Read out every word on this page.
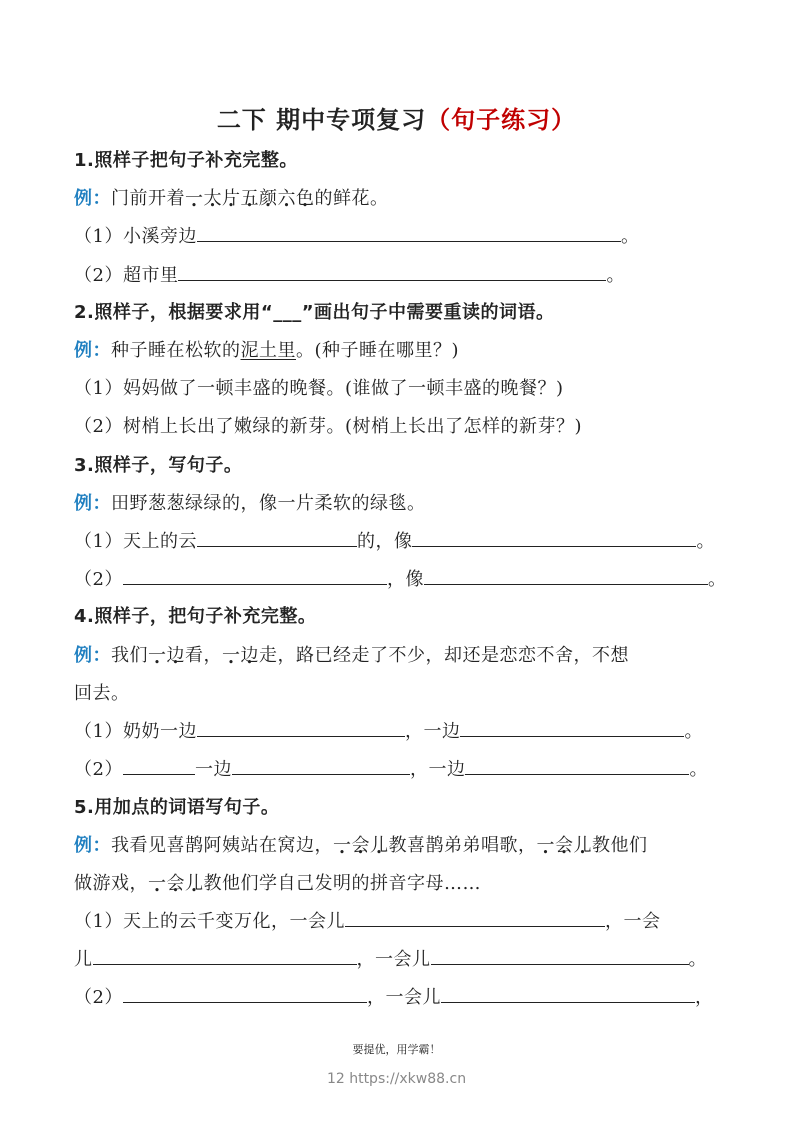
二下 期中专项复习（句子练习）
1.照样子把句子补充完整。
例：门前开着一大片五颜六色的鲜花。
（1）小溪旁边	。
（2）超市里	。
2.照样子，根据要求用“___”画出句子中需要重读的词语。
例：种子睡在松软的泥土里。(种子睡在哪里？)
（1）妈妈做了一顿丰盛的晚餐。(谁做了一顿丰盛的晚餐？)
（2）树梢上长出了嫩绿的新芽。(树梢上长出了怎样的新芽？)
3.照样子，写句子。
例：田野葱葱绿绿的，像一片柔软的绿毯。
（1）天上的云	的，像	。
（2）	，像	。
4.照样子，把句子补充完整。
例：我们一边看，一边走，路已经走了不少，却还是恋恋不舍，不想
回去。
（1）奶奶一边	，一边	。
（2）	一边	，一边	。
5.用加点的词语写句子。
例：我看见喜鹊阿姨站在窝边，一会儿教喜鹊弟弟唱歌，一会儿教他们
做游戏，一会儿教他们学自己发明的拼音字母……
（1）天上的云千变万化，一会儿	，一会
儿	，一会儿	。
（2）	，一会儿	，
要提优，用学霸！
12 https://xkw88.cn
